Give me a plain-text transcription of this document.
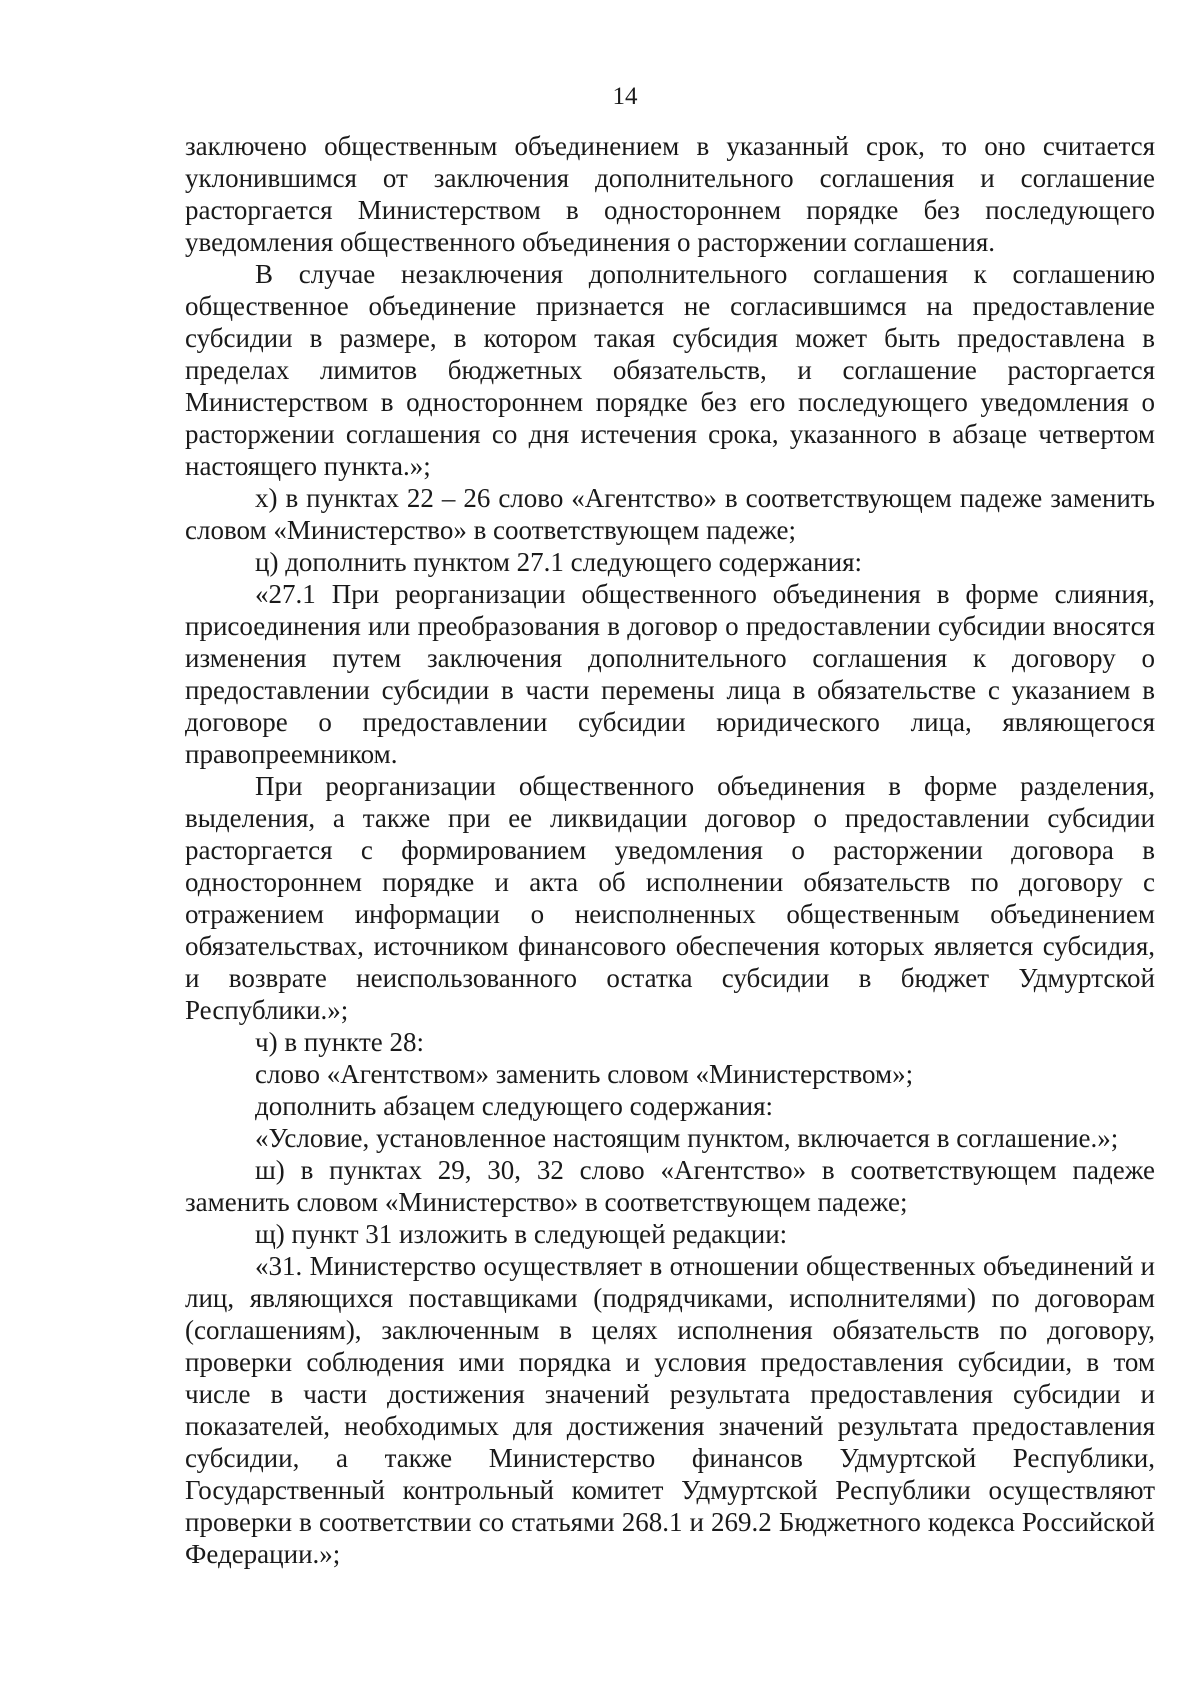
14

заключено общественным объединением в указанный срок, то оно считается уклонившимся от заключения дополнительного соглашения и соглашение расторгается Министерством в одностороннем порядке без последующего уведомления общественного объединения о расторжении соглашения.

В случае незаключения дополнительного соглашения к соглашению общественное объединение признается не согласившимся на предоставление субсидии в размере, в котором такая субсидия может быть предоставлена в пределах лимитов бюджетных обязательств, и соглашение расторгается Министерством в одностороннем порядке без его последующего уведомления о расторжении соглашения со дня истечения срока, указанного в абзаце четвертом настоящего пункта.»;

х) в пунктах 22 – 26 слово «Агентство» в соответствующем падеже заменить словом «Министерство» в соответствующем падеже;

ц) дополнить пунктом 27.1 следующего содержания:

«27.1 При реорганизации общественного объединения в форме слияния, присоединения или преобразования в договор о предоставлении субсидии вносятся изменения путем заключения дополнительного соглашения к договору о предоставлении субсидии в части перемены лица в обязательстве с указанием в договоре о предоставлении субсидии юридического лица, являющегося правопреемником.

При реорганизации общественного объединения в форме разделения, выделения, а также при ее ликвидации договор о предоставлении субсидии расторгается с формированием уведомления о расторжении договора в одностороннем порядке и акта об исполнении обязательств по договору с отражением информации о неисполненных общественным объединением обязательствах, источником финансового обеспечения которых является субсидия, и возврате неиспользованного остатка субсидии в бюджет Удмуртской Республики.»;

ч) в пункте 28:

слово «Агентством» заменить словом «Министерством»;

дополнить абзацем следующего содержания:

«Условие, установленное настоящим пунктом, включается в соглашение.»;

ш) в пунктах 29, 30, 32 слово «Агентство» в соответствующем падеже заменить словом «Министерство» в соответствующем падеже;

щ) пункт 31 изложить в следующей редакции:

«31. Министерство осуществляет в отношении общественных объединений и лиц, являющихся поставщиками (подрядчиками, исполнителями) по договорам (соглашениям), заключенным в целях исполнения обязательств по договору, проверки соблюдения ими порядка и условия предоставления субсидии, в том числе в части достижения значений результата предоставления субсидии и показателей, необходимых для достижения значений результата предоставления субсидии, а также Министерство финансов Удмуртской Республики, Государственный контрольный комитет Удмуртской Республики осуществляют проверки в соответствии со статьями 268.1 и 269.2 Бюджетного кодекса Российской Федерации.»;
